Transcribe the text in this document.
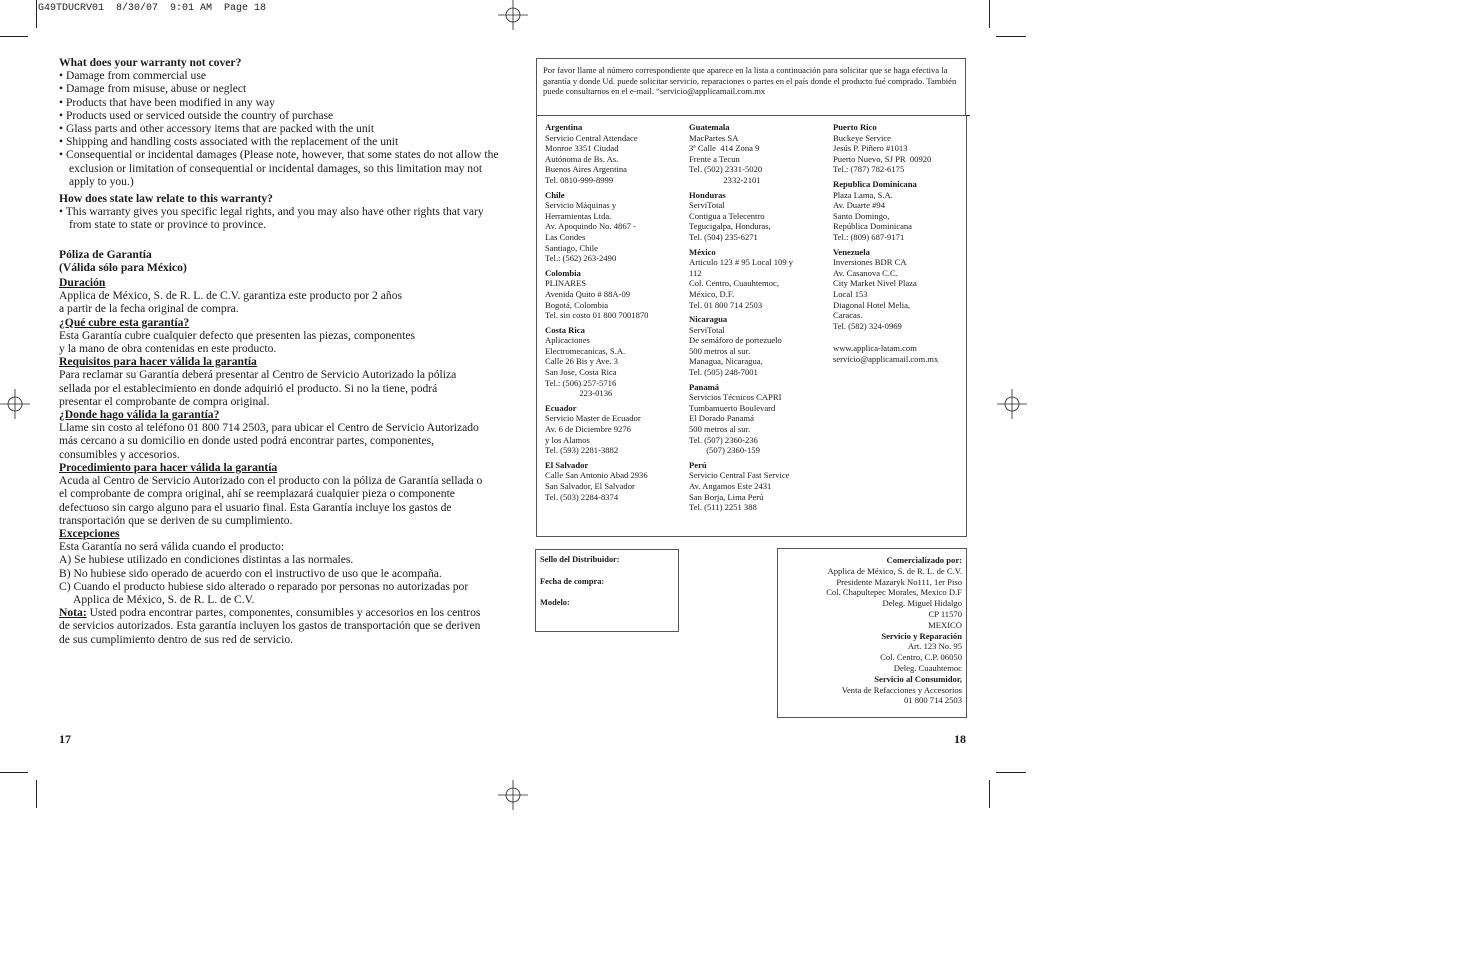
G49TDUCRV01  8/30/07  9:01 AM  Page 18
What does your warranty not cover?
• Damage from commercial use
• Damage from misuse, abuse or neglect
• Products that have been modified in any way
• Products used or serviced outside the country of purchase
• Glass parts and other accessory items that are packed with the unit
• Shipping and handling costs associated with the replacement of the unit
• Consequential or incidental damages (Please note, however, that some states do not allow the exclusion or limitation of consequential or incidental damages, so this limitation may not apply to you.)
How does state law relate to this warranty?
• This warranty gives you specific legal rights, and you may also have other rights that vary from state to state or province to province.
Póliza de Garantía
(Válida sólo para México)
Duración
Applica de México, S. de R. L. de C.V. garantiza este producto por 2 años
a partir de la fecha original de compra.
¿Qué cubre esta garantía?
Esta Garantía cubre cualquier defecto que presenten las piezas, componentes
y la mano de obra contenidas en este producto.
Requisitos para hacer válida la garantía
Para reclamar su Garantía deberá presentar al Centro de Servicio Autorizado la póliza sellada por el establecimiento en donde adquirió el producto. Si no la tiene, podrá presentar el comprobante de compra original.
¿Donde hago válida la garantía?
Llame sin costo al teléfono 01 800 714 2503, para ubicar el Centro de Servicio Autorizado más cercano a su domicilio en donde usted podrá encontrar partes, componentes, consumibles y accesorios.
Procedimiento para hacer válida la garantía
Acuda al Centro de Servicio Autorizado con el producto con la póliza de Garantía sellada o el comprobante de compra original, ahí se reemplazará cualquier pieza o componente defectuoso sin cargo alguno para el usuario final. Esta Garantía incluye los gastos de transportación que se deriven de su cumplimiento.
Excepciones
Esta Garantía no será válida cuando el producto:
A) Se hubiese utilizado en condiciones distintas a las normales.
B) No hubiese sido operado de acuerdo con el instructivo de uso que le acompaña.
C) Cuando el producto hubiese sido alterado o reparado por personas no autorizadas por Applica de México, S. de R. L. de C.V.
Nota: Usted podra encontrar partes, componentes, consumibles y accesorios en los centros de servicios autorizados. Esta garantía incluyen los gastos de transportación que se deriven de sus cumplimiento dentro de sus red de servicio.
17
Por favor llame al número correspondiente que aparece en la lista a continuación para solicitar que se haga efectiva la garantía y donde Ud. puede solicitar servicio, reparaciones o partes en el país donde el producto fué comprado. También puede consultarnos en el e-mail. “servicio@applicamail.com.mx
Argentina
Servicio Central Attendace
Monroe 3351 Ciudad
Autónoma de Bs. As.
Buenos Aires Argentina
Tel. 0810-999-8999
Chile
Servicio Máquinas y
Herramientas Ltda.
Av. Apoquindo No. 4867 -
Las Condes
Santiago, Chile
Tel.: (562) 263-2490
Colombia
PLINARES
Avenida Quito # 88A-09
Bogotá, Colombia
Tel. sin costo 01 800 7001870
Costa Rica
Aplicaciones
Electromecanicas, S.A.
Calle 26 Bis y Ave. 3
San Jose, Costa Rica
Tel.: (506) 257-5716
223-0136
Ecuador
Servicio Master de Ecuador
Av. 6 de Diciembre 9276
y los Alamos
Tel. (593) 2281-3882
El Salvador
Calle San Antonio Abad 2936
San Salvador, El Salvador
Tel. (503) 2284-8374
Guatemala
MacPartes SA
3ª Calle  414 Zona 9
Frente a Tecun
Tel. (502) 2331-5020
2332-2101
Honduras
ServiTotal
Contigua a Telecentro
Tegucigalpa, Honduras,
Tel. (504) 235-6271
México
Articulo 123 # 95 Local 109 y
112
Col. Centro, Cuauhtemoc,
México, D.F.
Tel. 01 800 714 2503
Nicaragua
ServiTotal
De semáforo de portezuelo
500 metros al sur.
Managua, Nicaragua,
Tel. (505) 248-7001
Panamá
Servicios Técnicos CAPRI
Tumbamuerto Boulevard
El Dorado Panamá
500 metros al sur.
Tel. (507) 2360-236
(507) 2360-159
Perú
Servicio Central Fast Service
Av. Angamos Este 2431
San Borja, Lima Perú
Tel. (511) 2251 388
Puerto Rico
Buckeye Service
Jesús P. Piñero #1013
Puerto Nuevo, SJ PR  00920
Tel.: (787) 782-6175
Republica Dominicana
Plaza Lama, S.A.
Av. Duarte #94
Santo Domingo,
República Dominicana
Tel.: (809) 687-9171
Venezuela
Inversiones BDR CA
Av. Casanova C.C.
City Market Nivel Plaza
Local 153
Diagonal Hotel Melia,
Caracas.
Tel. (582) 324-0969
www.applica-latam.com
servicio@applicamail.com.mx
Sello del Distribuidor:
Fecha de compra:
Modelo:
Comercializado por:
Applica de México, S. de R. L. de C.V.
Presidente Mazaryk No111, 1er Piso
Col. Chapultepec Morales, Mexico D.F
Deleg. Miguel Hidalgo
CP 11570
MEXICO
Servicio y Reparación
Art. 123 No. 95
Col. Centro, C.P. 06050
Deleg. Cuauhtemoc
Servicio al Consumidor,
Venta de Refacciones y Accesorios
01 800 714 2503
18
